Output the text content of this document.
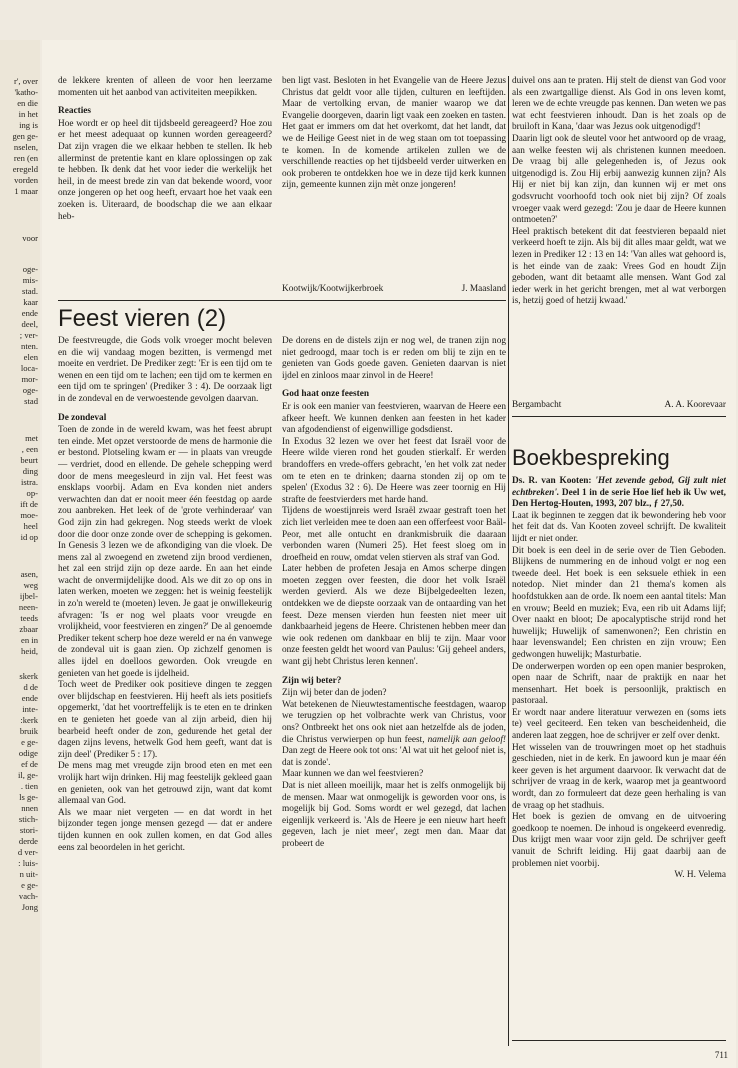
r', over
'katho-
en die
in het
ing is
gen ge-
nselen,
ren (en
eregeld
vorden
1 maar
voor
oge-
mis-
stad.
kaar
ende
deel,
; ver-
nten.
elen
loca-
mor-
oge-
stad
met
, een
beurt
ding
istra.
op-
ift de
moe-
heel
id op
asen,
weg
ijbel-
neen-
teeds
zbaar
en in
heid,
skerk
d de
ende
inte-
:kerk
bruik
e ge-
odige
ef de
il, ge-
. tien
ls ge-
nnen
stich-
stori-
derde
d ver-
: luis-
n uit-
e ge-
vach-
Jong

de lekkere krenten of alleen de voor hen leerzame momenten uit het aanbod van activiteiten meepikken.

Reacties

Hoe wordt er op heel dit tijdsbeeld gereageerd? Hoe zou er het meest adequaat op kunnen worden gereageerd? Dat zijn vragen die we elkaar hebben te stellen. Ik heb allerminst de pretentie kant en klare oplossingen op zak te hebben. Ik denk dat het voor ieder die werkelijk het heil, in de meest brede zin van dat bekende woord, voor onze jongeren op het oog heeft, ervaart hoe het vaak een zoeken is. Uiteraard, de boodschap die we aan elkaar heb-

ben ligt vast. Besloten in het Evangelie van de Heere Jezus Christus dat geldt voor alle tijden, culturen en leeftijden. Maar de vertolking ervan, de manier waarop we dat Evangelie doorgeven, daarin ligt vaak een zoeken en tasten. Het gaat er immers om dat het overkomt, dat het landt, dat we de Heilige Geest niet in de weg staan om tot toepassing te komen. In de komende artikelen zullen we de verschillende reacties op het tijdsbeeld verder uitwerken en ook proberen te ontdekken hoe we in deze tijd kerk kunnen zijn, gemeente kunnen zijn mèt onze jongeren!

Kootwijk/Kootwijkerbroek	J. Maasland
Feest vieren (2)

De feestvreugde, die Gods volk vroeger mocht beleven en die wij vandaag mogen bezitten, is vermengd met moeite en verdriet. De Prediker zegt: 'Er is een tijd om te wenen en een tijd om te lachen; een tijd om te kermen en een tijd om te springen' (Prediker 3 : 4). De oorzaak ligt in de zondeval en de verwoestende gevolgen daarvan.

De zondeval

Toen de zonde in de wereld kwam, was het feest abrupt ten einde. Met opzet verstoorde de mens de harmonie die er bestond. Plotseling kwam er — in plaats van vreugde — verdriet, dood en ellende. De gehele schepping werd door de mens meegesleurd in zijn val. Het feest was ensklaps voorbij. Adam en Eva konden niet anders verwachten dan dat er nooit meer één feestdag op aarde zou aanbreken. Het leek of de 'grote verhinderaar' van God zijn zin had gekregen. Nog steeds werkt de vloek door die door onze zonde over de schepping is gekomen. In Genesis 3 lezen we de afkondiging van die vloek. De mens zal al zwoegend en zwetend zijn brood verdienen, het zal een strijd zijn op deze aarde. En aan het einde wacht de onvermijdelijke dood. Als we dit zo op ons in laten werken, moeten we zeggen: het is weinig feestelijk in zo'n wereld te (moeten) leven. Je gaat je onwillekeurig afvragen: 'Is er nog wel plaats voor vreugde en vrolijkheid, voor feestvieren en zingen?' De al genoemde Prediker tekent scherp hoe deze wereld er na én vanwege de zondeval uit is gaan zien. Op zichzelf genomen is alles ijdel en doelloos geworden. Ook vreugde en genieten van het goede is ijdelheid.

Toch weet de Prediker ook positieve dingen te zeggen over blijdschap en feestvieren. Hij heeft als iets positiefs opgemerkt, 'dat het voortreffelijk is te eten en te drinken en te genieten het goede van al zijn arbeid, dien hij bearbeid heeft onder de zon, gedurende het getal der dagen zijns levens, hetwelk God hem geeft, want dat is zijn deel' (Prediker 5 : 17).

De mens mag met vreugde zijn brood eten en met een vrolijk hart wijn drinken. Hij mag feestelijk gekleed gaan en genieten, ook van het getrouwd zijn, want dat komt allemaal van God.

Als we maar niet vergeten — en dat wordt in het bijzonder tegen jonge mensen gezegd — dat er andere tijden kunnen en ook zullen komen, en dat God alles eens zal beoordelen in het gericht.

De dorens en de distels zijn er nog wel, de tranen zijn nog niet gedroogd, maar toch is er reden om blij te zijn en te genieten van Gods goede gaven. Genieten daarvan is niet ijdel en zinloos maar zinvol in de Heere!

God haat onze feesten

Er is ook een manier van feestvieren, waarvan de Heere een afkeer heeft. We kunnen denken aan feesten in het kader van afgodendienst of eigenwillige godsdienst.

In Exodus 32 lezen we over het feest dat Israël voor de Heere wilde vieren rond het gouden stierkalf. Er werden brandoffers en vrede-offers gebracht, 'en het volk zat neder om te eten en te drinken; daarna stonden zij op om te spelen' (Exodus 32 : 6). De Heere was zeer toornig en Hij strafte de feestvierders met harde hand.

Tijdens de woestijnreis werd Israël zwaar gestraft toen het zich liet verleiden mee te doen aan een offerfeest voor Baäl-Peor, met alle ontucht en drankmisbruik die daaraan verbonden waren (Numeri 25). Het feest sloeg om in droefheid en rouw, omdat velen stierven als straf van God.

Later hebben de profeten Jesaja en Amos scherpe dingen moeten zeggen over feesten, die door het volk Israël werden gevierd. Als we deze Bijbelgedeelten lezen, ontdekken we de diepste oorzaak van de ontaarding van het feest. Deze mensen vierden hun feesten niet meer uit dankbaarheid jegens de Heere. Christenen hebben meer dan wie ook redenen om dankbaar en blij te zijn. Maar voor onze feesten geldt het woord van Paulus: 'Gij geheel anders, want gij hebt Christus leren kennen'.

Zijn wij beter?

Zijn wij beter dan de joden?

Wat betekenen de Nieuwtestamentische feestdagen, waarop we terugzien op het volbrachte werk van Christus, voor ons? Ontbreekt het ons ook niet aan hetzelfde als de joden, die Christus verwierpen op hun feest, namelijk aan geloof! Dan zegt de Heere ook tot ons: 'Al wat uit het geloof niet is, dat is zonde'.

Maar kunnen we dan wel feestvieren?

Dat is niet alleen moeilijk, maar het is zelfs onmogelijk bij de mensen. Maar wat onmogelijk is geworden voor ons, is mogelijk bij God. Soms wordt er wel gezegd, dat lachen eigenlijk verkeerd is. 'Als de Heere je een nieuw hart heeft gegeven, lach je niet meer', zegt men dan. Maar dat probeert de

duivel ons aan te praten. Hij stelt de dienst van God voor als een zwartgallige dienst. Als God in ons leven komt, leren we de echte vreugde pas kennen. Dan weten we pas wat echt feestvieren inhoudt. Dan is het zoals op de bruiloft in Kana, 'daar was Jezus ook uitgenodigd'!

Daarin ligt ook de sleutel voor het antwoord op de vraag, aan welke feesten wij als christenen kunnen meedoen. De vraag bij alle gelegenheden is, of Jezus ook uitgenodigd is. Zou Hij erbij aanwezig kunnen zijn? Als Hij er niet bij kan zijn, dan kunnen wij er met ons godsvrucht voorhoofd toch ook niet bij zijn? Of zoals vroeger vaak werd gezegd: 'Zou je daar de Heere kunnen ontmoeten?'

Heel praktisch betekent dit dat feestvieren bepaald niet verkeerd hoeft te zijn. Als bij dit alles maar geldt, wat we lezen in Prediker 12 : 13 en 14: 'Van alles wat gehoord is, is het einde van de zaak: Vrees God en houdt Zijn geboden, want dit betaamt alle mensen. Want God zal ieder werk in het gericht brengen, met al wat verborgen is, hetzij goed of hetzij kwaad.'

Bergambacht	A. A. Koorevaar
Boekbespreking

Ds. R. van Kooten: 'Het zevende gebod, Gij zult niet echtbreken'. Deel 1 in de serie Hoe lief heb ik Uw wet, Den Hertog-Houten, 1993, 207 blz., ƒ 27,50.

Laat ik beginnen te zeggen dat ik bewondering heb voor het feit dat ds. Van Kooten zoveel schrijft. De kwaliteit lijdt er niet onder.

Dit boek is een deel in de serie over de Tien Geboden. Blijkens de nummering en de inhoud volgt er nog een tweede deel. Het boek is een seksuele ethiek in een notedop. Niet minder dan 21 thema's komen als hoofdstukken aan de orde. Ik noem een aantal titels: Man en vrouw; Beeld en muziek; Eva, een rib uit Adams lijf; Over naakt en bloot; De apocalyptische strijd rond het huwelijk; Huwelijk of samenwonen?; Een christin en haar levenswandel; Een christen en zijn vrouw; Een gedwongen huwelijk; Masturbatie.

De onderwerpen worden op een open manier besproken, open naar de Schrift, naar de praktijk en naar het mensenhart. Het boek is persoonlijk, praktisch en pastoraal.

Er wordt naar andere literatuur verwezen en (soms iets te) veel geciteerd. Een teken van bescheidenheid, die anderen laat zeggen, hoe de schrijver er zelf over denkt.

Het wisselen van de trouwringen moet op het stadhuis geschieden, niet in de kerk. En jawoord kun je maar één keer geven is het argument daarvoor. Ik verwacht dat de schrijver de vraag in de kerk, waarop met ja geantwoord wordt, dan zo formuleert dat deze geen herhaling is van de vraag op het stadhuis.

Het boek is gezien de omvang en de uitvoering goedkoop te noemen. De inhoud is ongekeerd evenredig. Dus krijgt men waar voor zijn geld. De schrijver geeft vanuit de Schrift leiding. Hij gaat daarbij aan de problemen niet voorbij.

W. H. Velema

711
